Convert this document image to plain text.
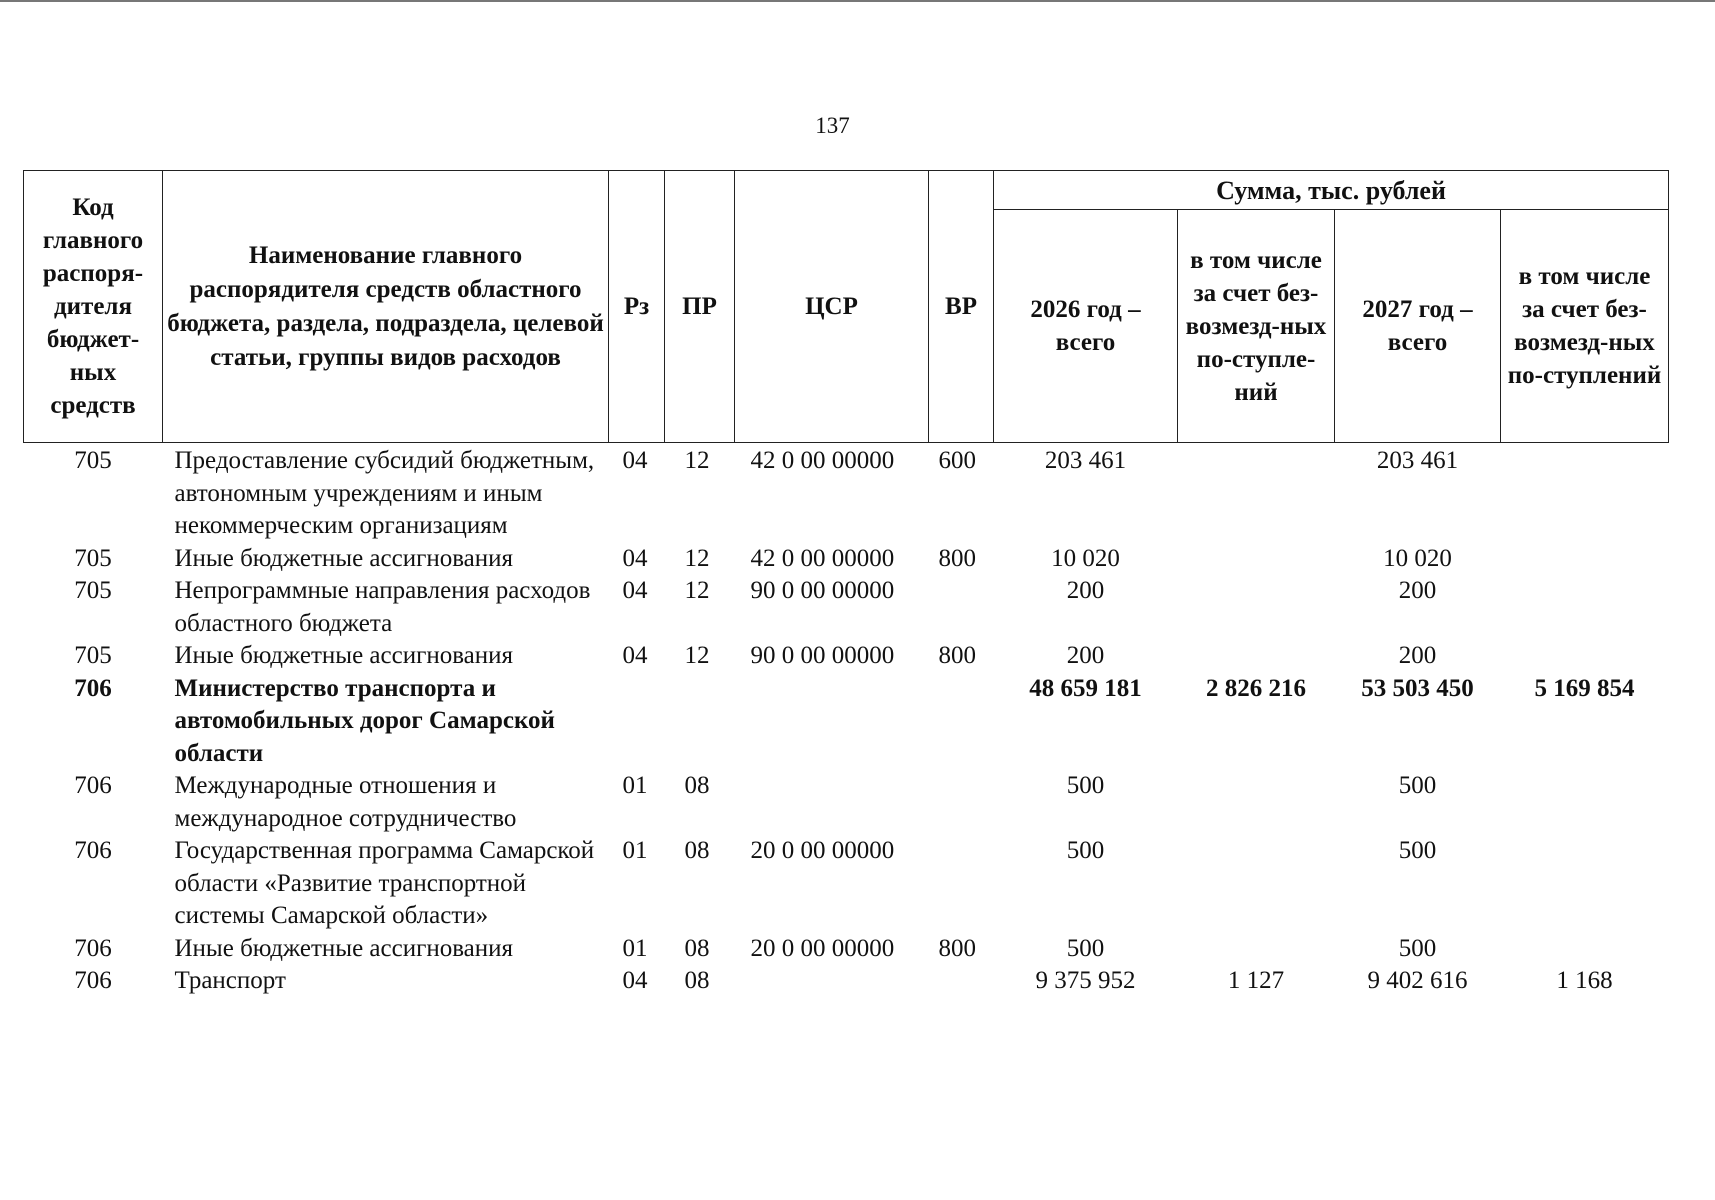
137
Код главного распоря-дителя бюджет-ных средств	Наименование главного распорядителя средств областного бюджета, раздела, подраздела, целевой статьи, группы видов расходов	Рз	ПР	ЦСР	ВР	Сумма, тыс. рублей			
						2026 год – всего	в том числе за счет без-возмезд-ных по-ступле-ний	2027 год – всего	в том числе за счет без-возмезд-ных по-ступлений
705	Предоставление субсидий бюджетным, автономным учреждениям и иным некоммерческим организациям	04	12	42 0 00 00000	600	203 461		203 461	
705	Иные бюджетные ассигнования	04	12	42 0 00 00000	800	10 020		10 020	
705	Непрограммные направления расходов областного бюджета	04	12	90 0 00 00000		200		200	
705	Иные бюджетные ассигнования	04	12	90 0 00 00000	800	200		200	
706	Министерство транспорта и автомобильных дорог Самарской области					48 659 181	2 826 216	53 503 450	5 169 854
706	Международные отношения и международное сотрудничество	01	08			500		500	
706	Государственная программа Самарской области «Развитие транспортной системы Самарской области»	01	08	20 0 00 00000		500		500	
706	Иные бюджетные ассигнования	01	08	20 0 00 00000	800	500		500	
706	Транспорт	04	08			9 375 952	1 127	9 402 616	1 168
